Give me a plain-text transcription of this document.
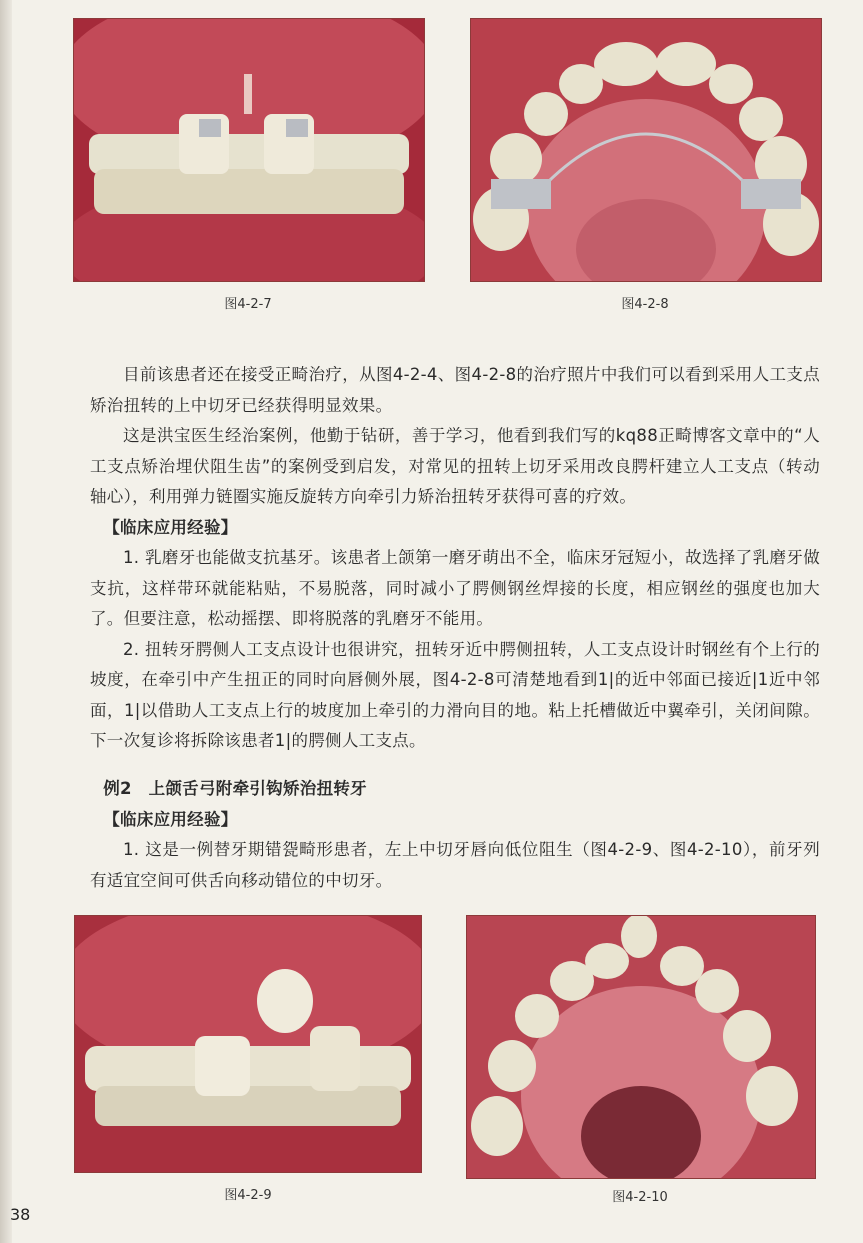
图4-2-7	图4-2-8

目前该患者还在接受正畸治疗，从图4-2-4、图4-2-8的治疗照片中我们可以看到采用人工支点矫治扭转的上中切牙已经获得明显效果。

这是洪宝医生经治案例，他勤于钻研，善于学习，他看到我们写的kq88正畸博客文章中的“人工支点矫治埋伏阻生齿”的案例受到启发，对常见的扭转上切牙采用改良腭杆建立人工支点（转动轴心），利用弹力链圈实施反旋转方向牵引力矫治扭转牙获得可喜的疗效。

【临床应用经验】

1. 乳磨牙也能做支抗基牙。该患者上颌第一磨牙萌出不全，临床牙冠短小，故选择了乳磨牙做支抗，这样带环就能粘贴，不易脱落，同时减小了腭侧钢丝焊接的长度，相应钢丝的强度也加大了。但要注意，松动摇摆、即将脱落的乳磨牙不能用。

2. 扭转牙腭侧人工支点设计也很讲究，扭转牙近中腭侧扭转，人工支点设计时钢丝有个上行的坡度，在牵引中产生扭正的同时向唇侧外展，图4-2-8可清楚地看到1|的近中邻面已接近|1近中邻面，1|以借助人工支点上行的坡度加上牵引的力滑向目的地。粘上托槽做近中翼牵引，关闭间隙。下一次复诊将拆除该患者1|的腭侧人工支点。

例2　上颌舌弓附牵引钩矫治扭转牙

【临床应用经验】

1. 这是一例替牙期错㼝畸形患者，左上中切牙唇向低位阻生（图4-2-9、图4-2-10），前牙列有适宜空间可供舌向移动错位的中切牙。

图4-2-9	图4-2-10
38
